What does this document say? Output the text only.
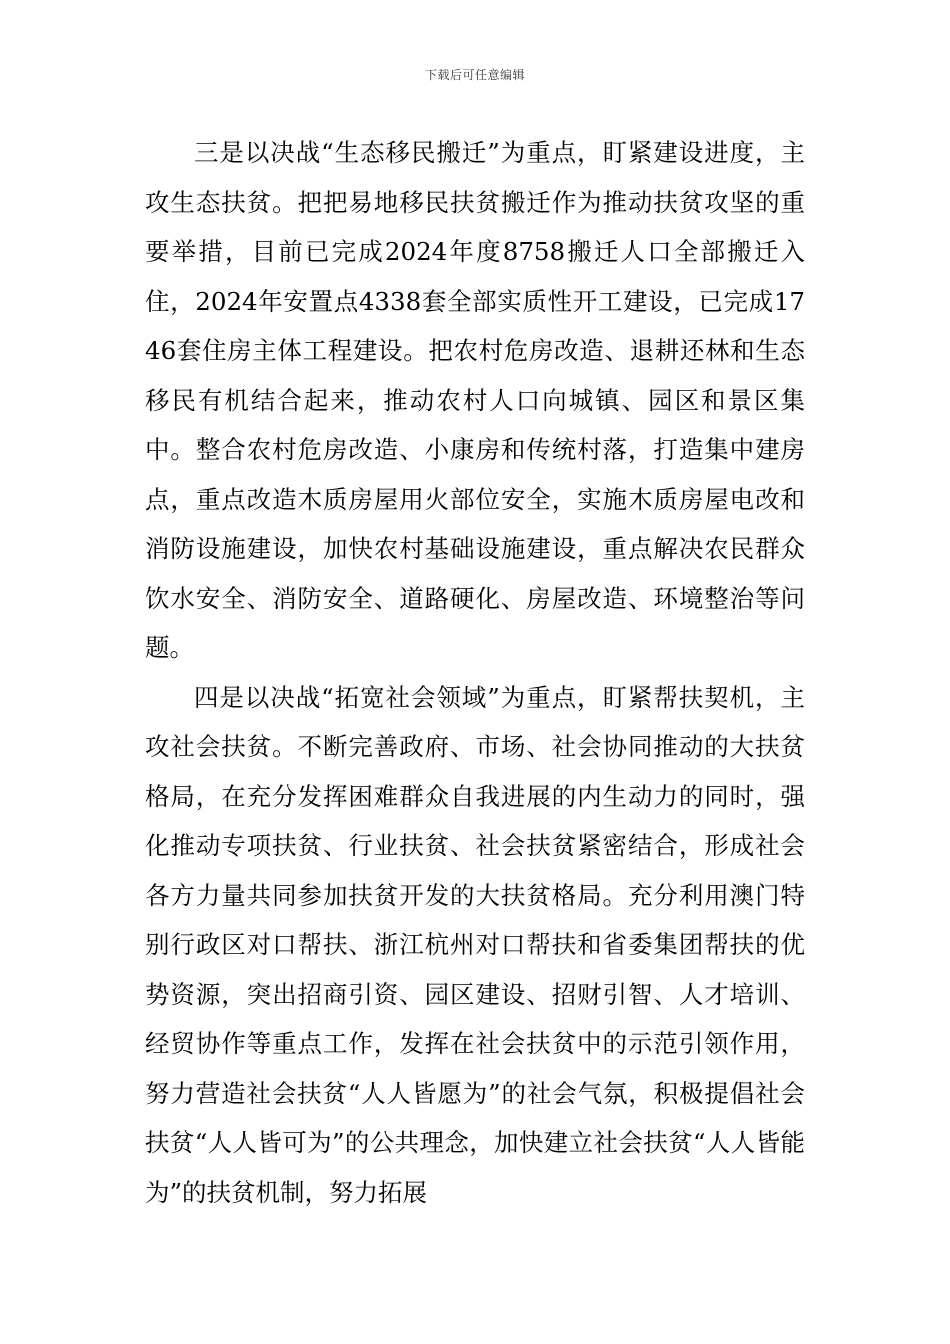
下载后可任意编辑

三是以决战“生态移民搬迁”为重点，盯紧建设进度，主攻生态扶贫。把把易地移民扶贫搬迁作为推动扶贫攻坚的重要举措，目前已完成2024年度8758搬迁人口全部搬迁入住，2024年安置点4338套全部实质性开工建设，已完成1746套住房主体工程建设。把农村危房改造、退耕还林和生态移民有机结合起来，推动农村人口向城镇、园区和景区集中。整合农村危房改造、小康房和传统村落，打造集中建房点，重点改造木质房屋用火部位安全，实施木质房屋电改和消防设施建设，加快农村基础设施建设，重点解决农民群众饮水安全、消防安全、道路硬化、房屋改造、环境整治等问题。

四是以决战“拓宽社会领域”为重点，盯紧帮扶契机，主攻社会扶贫。不断完善政府、市场、社会协同推动的大扶贫格局，在充分发挥困难群众自我进展的内生动力的同时，强化推动专项扶贫、行业扶贫、社会扶贫紧密结合，形成社会各方力量共同参加扶贫开发的大扶贫格局。充分利用澳门特别行政区对口帮扶、浙江杭州对口帮扶和省委集团帮扶的优势资源，突出招商引资、园区建设、招财引智、人才培训、经贸协作等重点工作，发挥在社会扶贫中的示范引领作用，努力营造社会扶贫“人人皆愿为”的社会气氛，积极提倡社会扶贫“人人皆可为”的公共理念，加快建立社会扶贫“人人皆能为”的扶贫机制，努力拓展
